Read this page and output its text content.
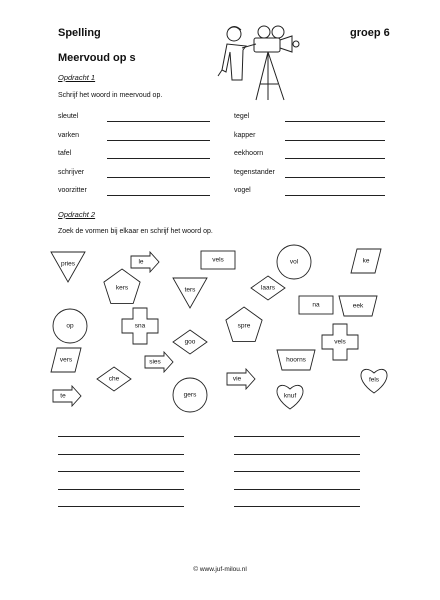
Spelling	groep 6
Meervoud op s
Opdracht 1
Schrijf het woord in meervoud op.
sleutel
varken
tafel
schrijver
voorzitter
tegel
kapper
eekhoorn
tegenstander
vogel
Opdracht 2
Zoek de vormen bij elkaar en schrijf het woord op.
pries	le	vels	vol	ke
kers	ters	laars
na	eek
op	sna	spre
goo	vels
vers	sies	hoorns
che	vie	fels
gers	knuf
te
© www.juf-milou.nl
